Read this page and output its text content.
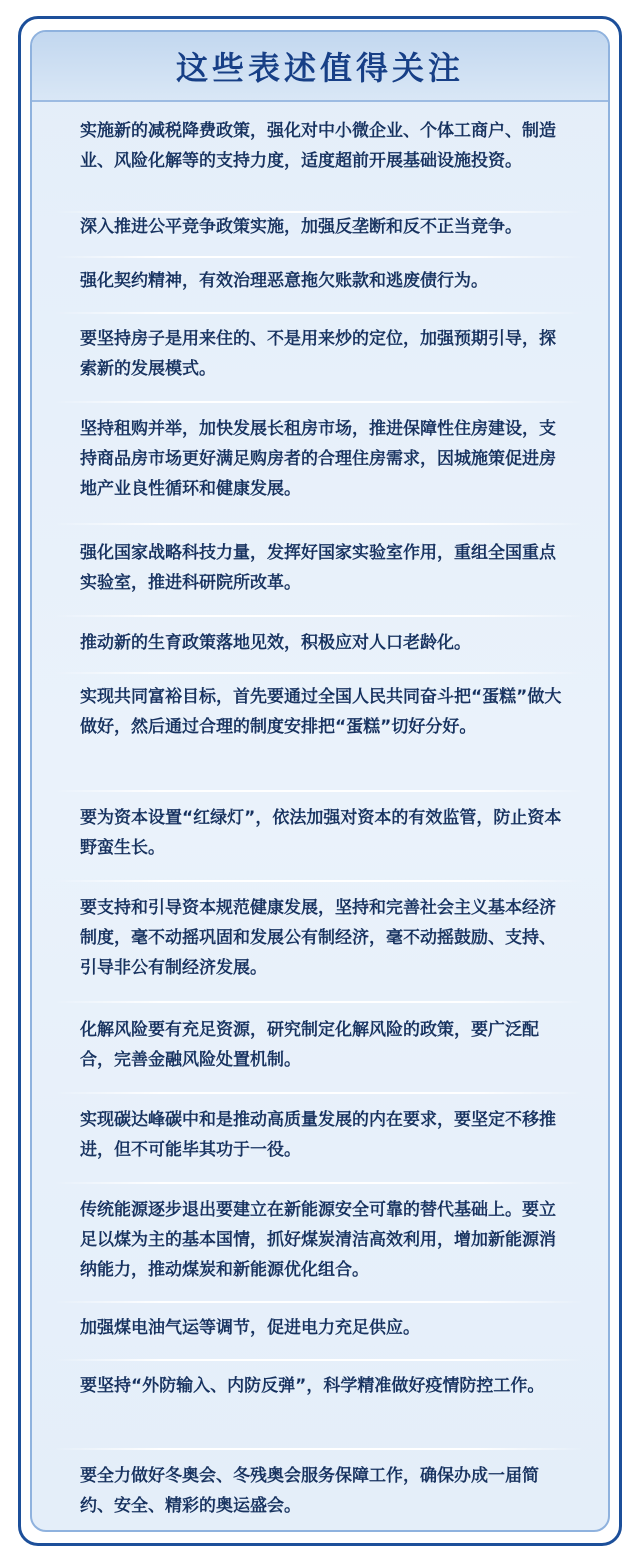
这些表述值得关注
实施新的减税降费政策，强化对中小微企业、个体工商户、制造业、风险化解等的支持力度，适度超前开展基础设施投资。
深入推进公平竞争政策实施，加强反垄断和反不正当竞争。
强化契约精神，有效治理恶意拖欠账款和逃废债行为。
要坚持房子是用来住的、不是用来炒的定位，加强预期引导，探索新的发展模式。
坚持租购并举，加快发展长租房市场，推进保障性住房建设，支持商品房市场更好满足购房者的合理住房需求，因城施策促进房地产业良性循环和健康发展。
强化国家战略科技力量，发挥好国家实验室作用，重组全国重点实验室，推进科研院所改革。
推动新的生育政策落地见效，积极应对人口老龄化。
实现共同富裕目标，首先要通过全国人民共同奋斗把“蛋糕”做大做好，然后通过合理的制度安排把“蛋糕”切好分好。
要为资本设置“红绿灯”，依法加强对资本的有效监管，防止资本野蛮生长。
要支持和引导资本规范健康发展，坚持和完善社会主义基本经济制度，毫不动摇巩固和发展公有制经济，毫不动摇鼓励、支持、引导非公有制经济发展。
化解风险要有充足资源，研究制定化解风险的政策，要广泛配合，完善金融风险处置机制。
实现碳达峰碳中和是推动高质量发展的内在要求，要坚定不移推进，但不可能毕其功于一役。
传统能源逐步退出要建立在新能源安全可靠的替代基础上。要立足以煤为主的基本国情，抓好煤炭清洁高效利用，增加新能源消纳能力，推动煤炭和新能源优化组合。
加强煤电油气运等调节，促进电力充足供应。
要坚持“外防输入、内防反弹”，科学精准做好疫情防控工作。
要全力做好冬奥会、冬残奥会服务保障工作，确保办成一届简约、安全、精彩的奥运盛会。
